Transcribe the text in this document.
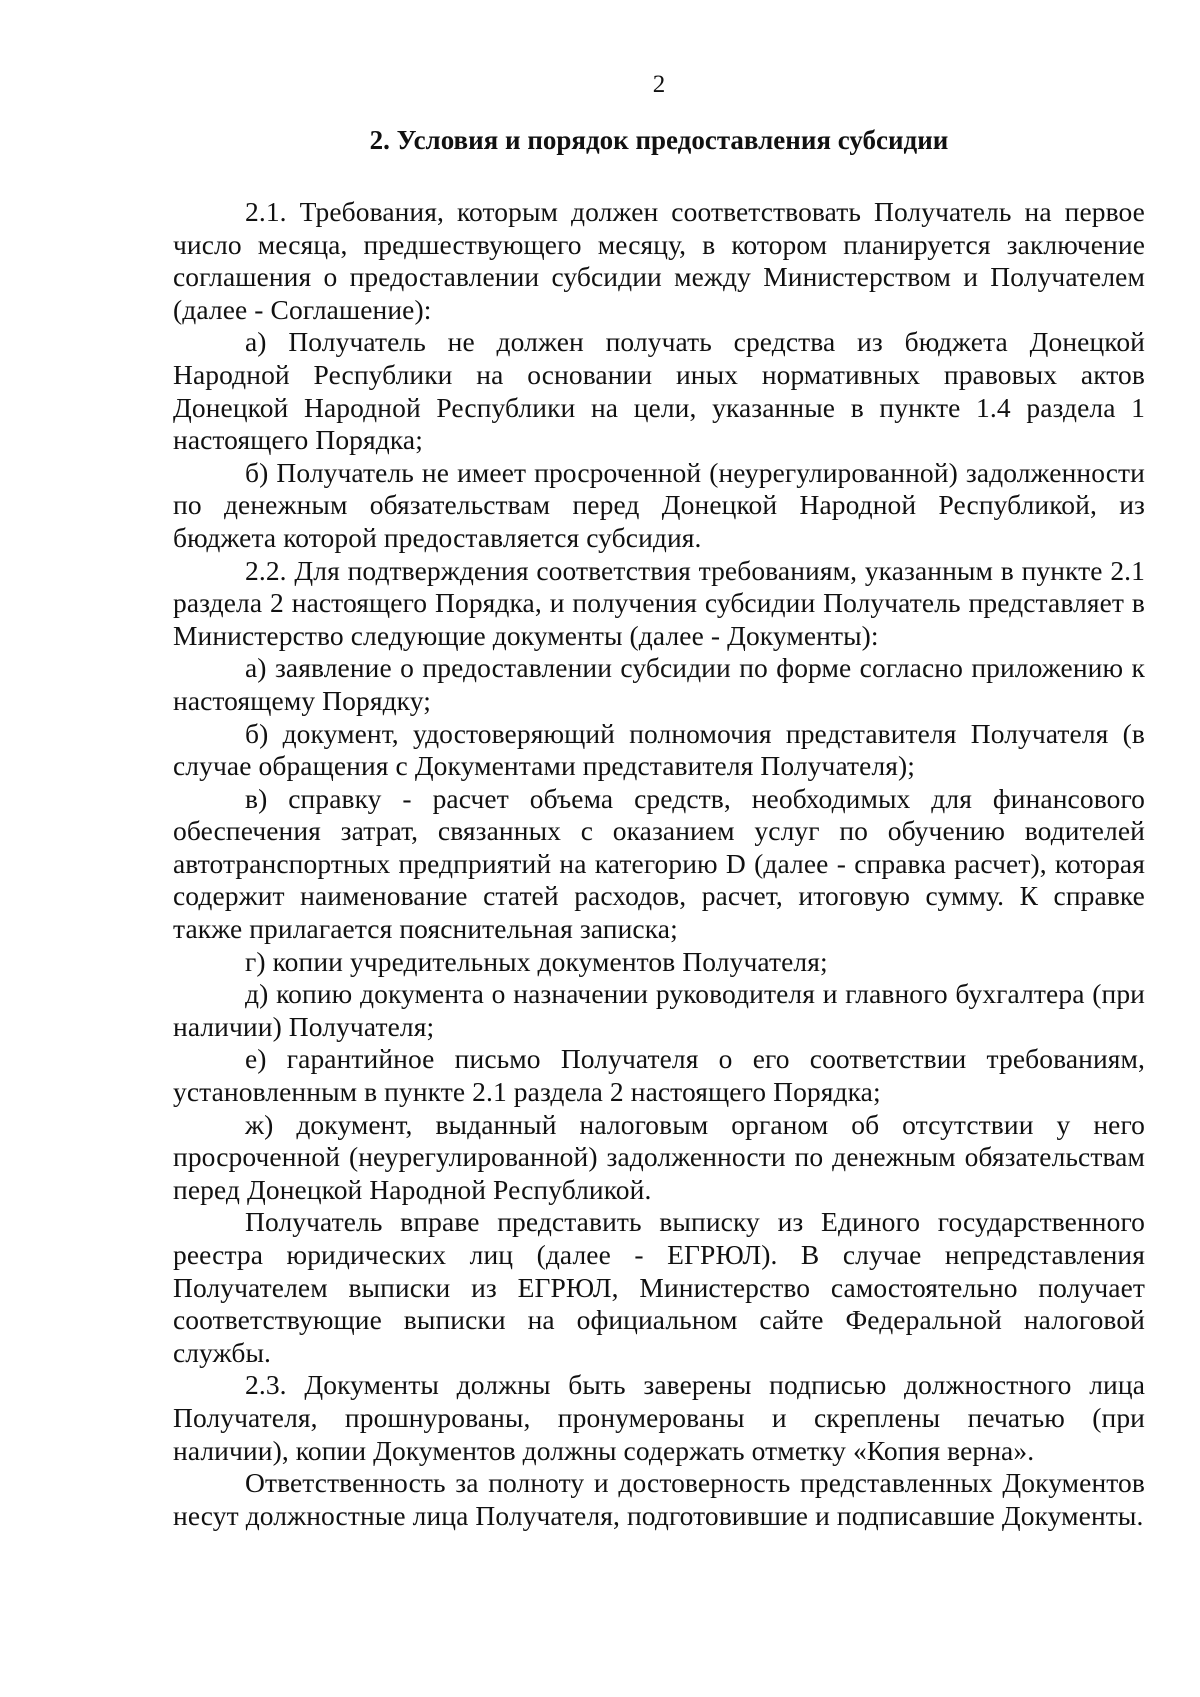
2

2. Условия и порядок предоставления субсидии

2.1. Требования, которым должен соответствовать Получатель на первое число месяца, предшествующего месяцу, в котором планируется заключение соглашения о предоставлении субсидии между Министерством и Получателем (далее - Соглашение):

а) Получатель не должен получать средства из бюджета Донецкой Народной Республики на основании иных нормативных правовых актов Донецкой Народной Республики на цели, указанные в пункте 1.4 раздела 1 настоящего Порядка;

б) Получатель не имеет просроченной (неурегулированной) задолженности по денежным обязательствам перед Донецкой Народной Республикой, из бюджета которой предоставляется субсидия.

2.2. Для подтверждения соответствия требованиям, указанным в пункте 2.1 раздела 2 настоящего Порядка, и получения субсидии Получатель представляет в Министерство следующие документы (далее - Документы):

а) заявление о предоставлении субсидии по форме согласно приложению к настоящему Порядку;

б) документ, удостоверяющий полномочия представителя Получателя (в случае обращения с Документами представителя Получателя);

в) справку - расчет объема средств, необходимых для финансового обеспечения затрат, связанных с оказанием услуг по обучению водителей автотранспортных предприятий на категорию D (далее - справка расчет), которая содержит наименование статей расходов, расчет, итоговую сумму. К справке также прилагается пояснительная записка;

г) копии учредительных документов Получателя;

д) копию документа о назначении руководителя и главного бухгалтера (при наличии) Получателя;

е) гарантийное письмо Получателя о его соответствии требованиям, установленным в пункте 2.1 раздела 2 настоящего Порядка;

ж) документ, выданный налоговым органом об отсутствии у него просроченной (неурегулированной) задолженности по денежным обязательствам перед Донецкой Народной Республикой.

Получатель вправе представить выписку из Единого государственного реестра юридических лиц (далее - ЕГРЮЛ). В случае непредставления Получателем выписки из ЕГРЮЛ, Министерство самостоятельно получает соответствующие выписки на официальном сайте Федеральной налоговой службы.

2.3. Документы должны быть заверены подписью должностного лица Получателя, прошнурованы, пронумерованы и скреплены печатью (при наличии), копии Документов должны содержать отметку «Копия верна».

Ответственность за полноту и достоверность представленных Документов несут должностные лица Получателя, подготовившие и подписавшие Документы.
